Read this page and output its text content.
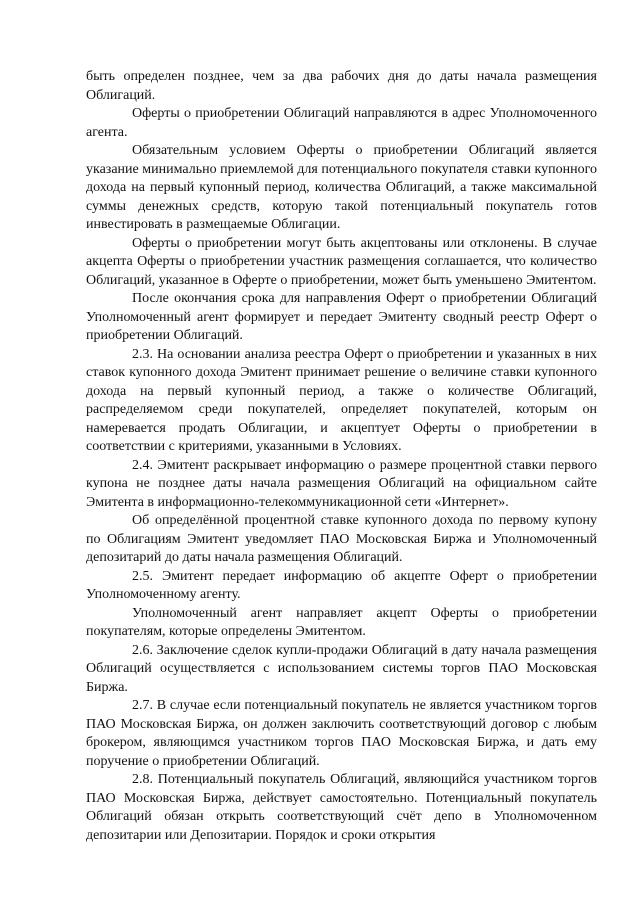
быть определен позднее, чем за два рабочих дня до даты начала размещения Облигаций.

Оферты о приобретении Облигаций направляются в адрес Уполномоченного агента.

Обязательным условием Оферты о приобретении Облигаций является указание минимально приемлемой для потенциального покупателя ставки купонного дохода на первый купонный период, количества Облигаций, а также максимальной суммы денежных средств, которую такой потенциальный покупатель готов инвестировать в размещаемые Облигации.

Оферты о приобретении могут быть акцептованы или отклонены. В случае акцепта Оферты о приобретении участник размещения соглашается, что количество Облигаций, указанное в Оферте о приобретении, может быть уменьшено Эмитентом.

После окончания срока для направления Оферт о приобретении Облигаций Уполномоченный агент формирует и передает Эмитенту сводный реестр Оферт о приобретении Облигаций.

2.3. На основании анализа реестра Оферт о приобретении и указанных в них ставок купонного дохода Эмитент принимает решение о величине ставки купонного дохода на первый купонный период, а также о количестве Облигаций, распределяемом среди покупателей, определяет покупателей, которым он намеревается продать Облигации, и акцептует Оферты о приобретении в соответствии с критериями, указанными в Условиях.

2.4. Эмитент раскрывает информацию о размере процентной ставки первого купона не позднее даты начала размещения Облигаций на официальном сайте Эмитента в информационно-телекоммуникационной сети «Интернет».

Об определённой процентной ставке купонного дохода по первому купону по Облигациям Эмитент уведомляет ПАО Московская Биржа и Уполномоченный депозитарий до даты начала размещения Облигаций.

2.5. Эмитент передает информацию об акцепте Оферт о приобретении Уполномоченному агенту.

Уполномоченный агент направляет акцепт Оферты о приобретении покупателям, которые определены Эмитентом.

2.6. Заключение сделок купли-продажи Облигаций в дату начала размещения Облигаций осуществляется с использованием системы торгов ПАО Московская Биржа.

2.7. В случае если потенциальный покупатель не является участником торгов ПАО Московская Биржа, он должен заключить соответствующий договор с любым брокером, являющимся участником торгов ПАО Московская Биржа, и дать ему поручение о приобретении Облигаций.

2.8. Потенциальный покупатель Облигаций, являющийся участником торгов ПАО Московская Биржа, действует самостоятельно. Потенциальный покупатель Облигаций обязан открыть соответствующий счёт депо в Уполномоченном депозитарии или Депозитарии. Порядок и сроки открытия
